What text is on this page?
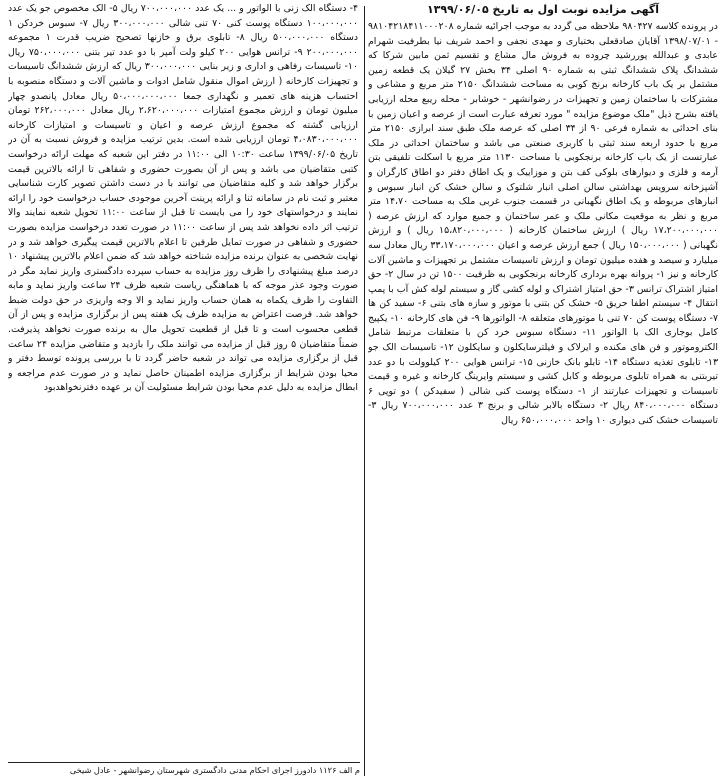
آگهی مزایده نوبت اول به تاریخ ۱۳۹۹/۰۶/۰۵

در پرونده کلاسه ۹۸۰۴۲۷ ملاحظه می گردد به موجب اجرائیه شماره ۹۸۱۰۴۲۱۸۴۱۱۰۰۰۲۰۸ - ۱۳۹۸/۰۷/۰۱ آقایان صادقعلی بختیاری و مهدی نجفی و احمد شریف نیا بطرفیت شهرام عابدی و عبدالله پوررشید چروده به فروش مال مشاع و تقسیم ثمن مابین شرکا که ششدانگ پلاک ششدانگ ثبتی به شماره ۹۰ اصلی ۳۴ بخش ۲۷ گیلان یک قطعه زمین مشتمل بر یک باب کارخانه برنج کوبی به مساحت ششدانگ ۲۱۵۰ متر مربع و مشاعی و مشترکات با ساختمان زمین و تجهیزات در رضوانشهر - خوشابر - محله ریبع محله ارزیابی یافته بشرح ذیل "ملک موضوع مزایده " مورد تعرفه عبارت است از عرصه و اعیان زمین با بنای احداثی به شماره فرعی ۹۰ از ۳۴ اصلی که عرصه ملک طبق سند ابرازی ۲۱۵۰ متر مربع با حدود اربعه سند ثبتی با کاربری صنعتی می باشد و ساختمان احداثی در ملک عبارتست از یک باب کارخانه برنجکوبی با مساحت ۱۱۳۰ متر مربع با اسکلت تلفیقی بتن آرمه و فلزی و دیوارهای بلوکی کف بتن و موزاییک و یک اطاق دفتر دو اطاق کارگران و آشپزخانه سرویس بهداشتی سالن اصلی انبار شلتوک و سالن خشک کن انبار سبوس و انبارهای مربوطه و یک اطاق نگهبانی در قسمت جنوب غربی ملک به مساحت ۱۴،۷۰ متر مربع و نظر به موقعیت مکانی ملک و عمر ساختمان و جمیع موارد که ارزش عرصه ( ۱۷،۲۰۰،۰۰۰،۰۰۰ ریال ) ارزش ساختمان کارخانه ( ۱۵،۸۲۰،۰۰۰،۰۰۰ ریال ) و ارزش نگهبانی ( ۱۵۰،۰۰۰،۰۰۰ ریال ) جمع ارزش عرصه و اعیان ۳۳،۱۷۰،۰۰۰،۰۰۰ ریال معادل سه میلیارد و سیصد و هفده میلیون تومان و ارزش تاسیسات مشتمل بر تجهیزات و ماشین آلات کارخانه و نیز ۱- پروانه بهره برداری کارخانه برنجکوبی به ظرفیت ۱۵۰۰ تن در سال ۲- حق امتیاز اشتراک ترانس ۳- حق امتیاز اشتراک و لوله کشی گاز و سیستم لوله کش آب با پمپ انتقال ۴- سیستم اطفا حریق ۵- خشک کن بتنی با موتور و سازه های بتنی ۶- سفید کن ها ۷- دستگاه پوست کن ۷۰ تنی با موتورهای متعلقه ۸- الواتورها ۹- فن های کارخانه ۱۰- یکپیج کامل بوجاری الک با الواتور ۱۱- دستگاه سبوس خرد کن با متعلقات مرتبط شامل الکتروموتور و فن های مکنده و ایرلاک و فیلترسایکلون و سایکلون ۱۲- تاسیسات الک جو ۱۳- تابلوی تغذیه دستگاه ۱۴- تابلو بانک خازنی ۱۵- ترانس هوایی ۲۰۰ کیلوولت با دو عدد تیربتنی به همراه تابلوی مربوطه و کابل کشی و سیستم وایرینگ کارخانه و غیره و قیمت تاسیسات و تجهیزات عبارتند از ۱- دستگاه پوست کنی شالی ( سفیدکن ) دو توپی ۶ دستگاه ۸۴۰،۰۰۰،۰۰۰ ریال ۲- دستگاه بالابر شالی و برنج ۳ عدد ۷۰۰،۰۰۰،۰۰۰ ریال ۳- تاسیسات خشک کنی دیواری ۱۰ واحد ۶۵۰،۰۰۰،۰۰۰ ریال

۴- دستگاه الک زنی با الواتور و ... یک عدد ۷۰۰،۰۰۰،۰۰۰ ریال ۵- الک مخصوص جو یک عدد ۱۰۰،۰۰۰،۰۰۰ دستگاه پوست کنی ۷۰ تنی شالی ۳۰۰،۰۰۰،۰۰۰ ریال ۷- سبوس خردکن ۱ دستگاه ۵۰۰،۰۰۰،۰۰۰ ریال ۸- تابلوی برق و خازنها تصحیح ضریب قدرت ۱ مجموعه ۲۰۰،۰۰۰،۰۰۰ ۹- ترانس هوایی ۲۰۰ کیلو ولت آمپر با دو عدد تیر بتنی ۷۵۰،۰۰۰،۰۰۰ ریال ۱۰- تاسیسات رفاهی و اداری و زیر بنایی ۳۰۰،۰۰۰،۰۰۰ ریال که ارزش ششدانگ تاسیسات و تجهیزات کارخانه ( ارزش اموال منقول شامل ادوات و ماشین آلات و دستگاه منصوبه با احتساب هزینه های تعمیر و نگهداری جمعا ۵۰،۰۰۰،۰۰۰،۰۰۰ ریال معادل پانصدو چهار میلیون تومان و ارزش مجموع امتیازات ۲،۶۲۰،۰۰۰،۰۰۰ ریال معادل ۲۶۲،۰۰۰،۰۰۰ تومان ارزیابی گشته که مجموع ارزش عرصه و اعیان و تاسیسات و امتیازات کارخانه ۴،۰۸۳۰،۰۰۰،۰۰۰ تومان ارزیابی شده است. بدین ترتیب مزایده و فروش نسبت به آن در تاریخ ۱۳۹۹/۰۶/۰۵ ساعت ۱۰:۳۰ الی ۱۱:۰۰ در دفتر این شعبه که مهلت ارائه درخواست کتبی متقاضیان می باشد و پس از آن بصورت حضوری و شفاهی تا ارائه بالاترین قیمت برگزار خواهد شد و کلیه متقاضیان می توانند با در دست داشتن تصویر کارت شناسایی معتبر و ثبت نام در سامانه ثنا و ارائه پرینت آخرین موجودی حساب درخواست خود را ارائه نمایند و درخواستهای خود را می بایست تا قبل از ساعت ۱۱:۰۰ تحویل شعبه نمایند والا ترتیب اثر داده نخواهد شد پس از ساعت ۱۱:۰۰ در صورت تعدد درخواست مزایده بصورت حضوری و شفاهی در صورت تمایل طرفین تا اعلام بالاترین قیمت پیگیری خواهد شد و در نهایت شخصی به عنوان برنده مزایده شناخته خواهد شد که ضمن اعلام بالاترین پیشنهاد ۱۰ درصد مبلغ پیشنهادی را ظرف روز مزایده به حساب سپرده دادگستری واریز نماید مگر در صورت وجود عذر موجه که با هماهنگی ریاست شعبه ظرف ۲۴ ساعت واریز نماید و مابه التفاوت را ظرف یکماه به همان حساب واریز نماید و الا وجه واریزی در حق دولت ضبط خواهد شد. فرصت اعتراض به مزایده ظرف یک هفته پس از برگزاری مزایده و پس از آن قطعی محسوب است و تا قبل از قطعیت تحویل مال به برنده صورت نخواهد پذیرفت. ضمناً متقاضیان ۵ روز قبل از مزایده می توانند ملک را بازدید و متقاضی مزایده ۲۴ ساعت قبل از برگزاری مزایده می تواند در شعبه حاضر گردد تا با بررسی پرونده توسط دفتر و محیا بودن شرایط از برگزاری مزایده اطمینان حاصل نماید و در صورت عدم مراجعه و ابطال مزایده به دلیل عدم محیا بودن شرایط مسئولیت آن بر عهده دفترنخواهدبود

م الف ۱۱۲۶ دادورز اجرای احکام مدنی دادگستری شهرستان رضوانشهر - عادل شیخی
